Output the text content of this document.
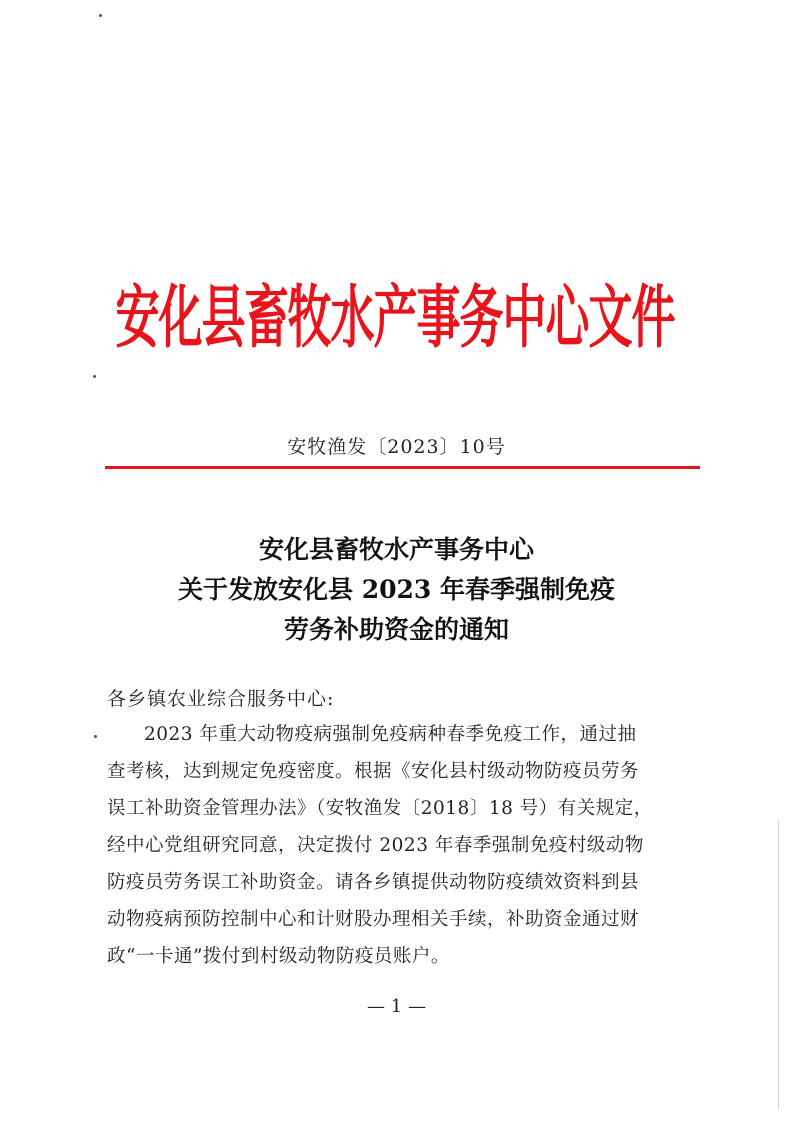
安化县畜牧水产事务中心文件
安牧渔发〔2023〕10号
安化县畜牧水产事务中心
关于发放安化县 2023 年春季强制免疫
劳务补助资金的通知
各乡镇农业综合服务中心:
2023 年重大动物疫病强制免疫病种春季免疫工作，通过抽
查考核，达到规定免疫密度。根据《安化县村级动物防疫员劳务
误工补助资金管理办法》（安牧渔发〔2018〕18 号）有关规定，
经中心党组研究同意，决定拨付 2023 年春季强制免疫村级动物
防疫员劳务误工补助资金。请各乡镇提供动物防疫绩效资料到县
动物疫病预防控制中心和计财股办理相关手续，补助资金通过财
政“一卡通”拨付到村级动物防疫员账户。
— 1 —
